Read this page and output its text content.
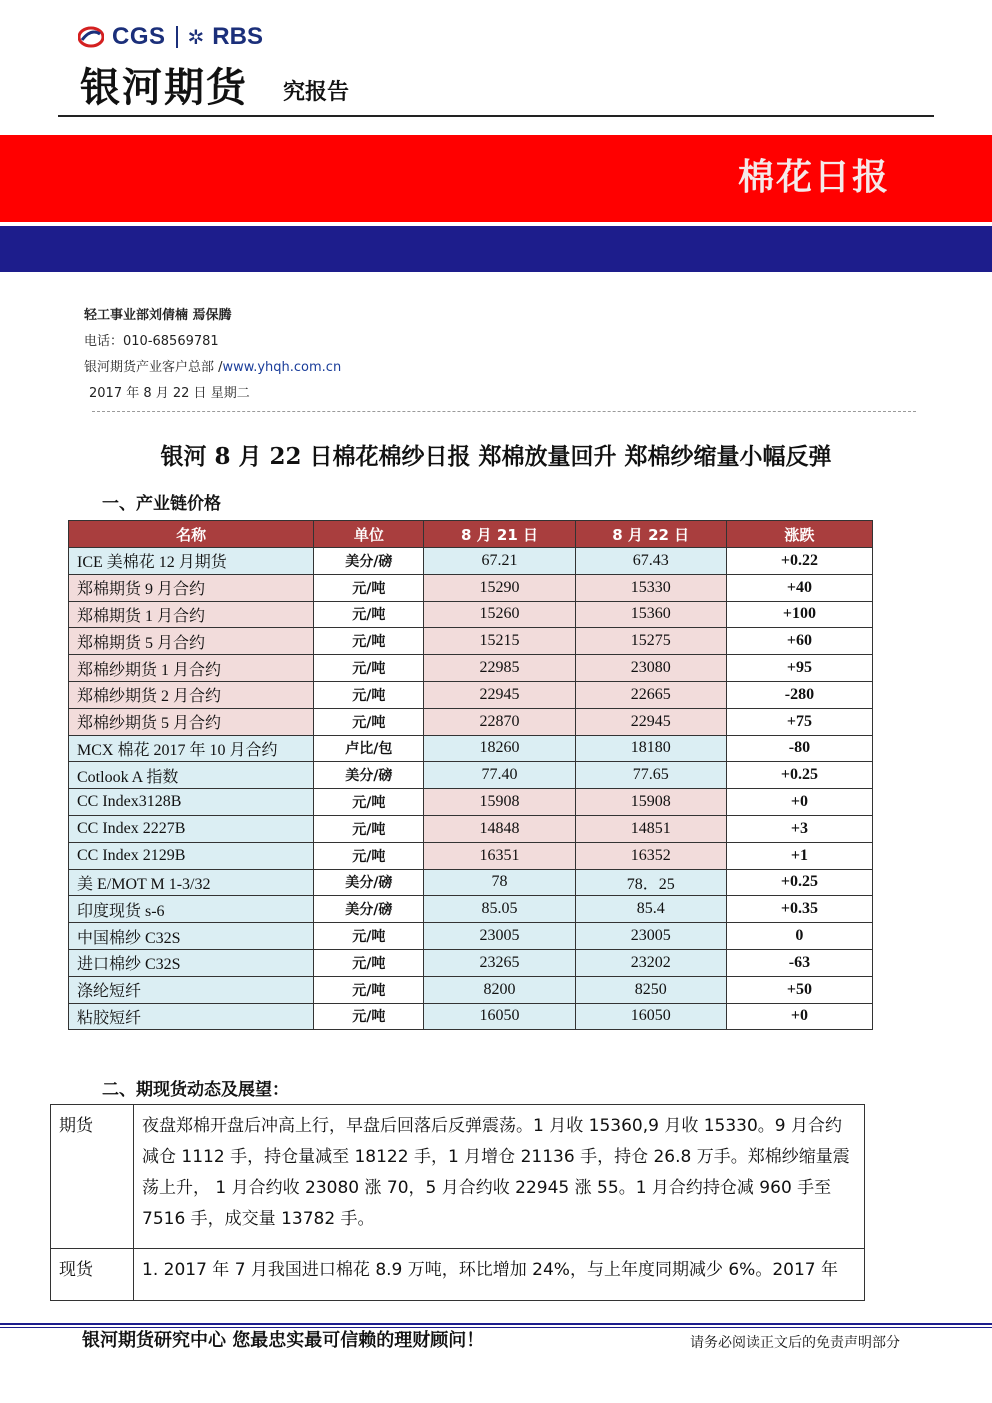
CGS ✲ RBS
银河期货 究报告
棉花日报
轻工事业部刘倩楠 焉保腾
电话：010-68569781
银河期货产业客户总部 /www.yhqh.com.cn
2017 年 8 月 22 日 星期二
银河 8 月 22 日棉花棉纱日报 郑棉放量回升 郑棉纱缩量小幅反弹
一、产业链价格
名称	单位	8 月 21 日	8 月 22 日	涨跌
ICE 美棉花 12 月期货	美分/磅	67.21	67.43	+0.22
郑棉期货 9 月合约	元/吨	15290	15330	+40
郑棉期货 1 月合约	元/吨	15260	15360	+100
郑棉期货 5 月合约	元/吨	15215	15275	+60
郑棉纱期货 1 月合约	元/吨	22985	23080	+95
郑棉纱期货 2 月合约	元/吨	22945	22665	-280
郑棉纱期货 5 月合约	元/吨	22870	22945	+75
MCX 棉花 2017 年 10 月合约	卢比/包	18260	18180	-80
Cotlook A 指数	美分/磅	77.40	77.65	+0.25
CC Index3128B	元/吨	15908	15908	+0
CC Index 2227B	元/吨	14848	14851	+3
CC Index 2129B	元/吨	16351	16352	+1
美 E/MOT M 1-3/32	美分/磅	78	78．25	+0.25
印度现货 s-6	美分/磅	85.05	85.4	+0.35
中国棉纱 C32S	元/吨	23005	23005	0
进口棉纱 C32S	元/吨	23265	23202	-63
涤纶短纤	元/吨	8200	8250	+50
粘胶短纤	元/吨	16050	16050	+0
二、期现货动态及展望：
期货	夜盘郑棉开盘后冲高上行，早盘后回落后反弹震荡。1 月收 15360,9 月收 15330。9 月合约减仓 1112 手，持仓量减至 18122 手，1 月增仓 21136 手，持仓 26.8 万手。郑棉纱缩量震荡上升， 1 月合约收 23080 涨 70，5 月合约收 22945 涨 55。1 月合约持仓减 960 手至 7516 手，成交量 13782 手。
现货	1. 2017 年 7 月我国进口棉花 8.9 万吨，环比增加 24%，与上年度同期减少 6%。2017 年
银河期货研究中心 您最忠实最可信赖的理财顾问！	请务必阅读正文后的免责声明部分
